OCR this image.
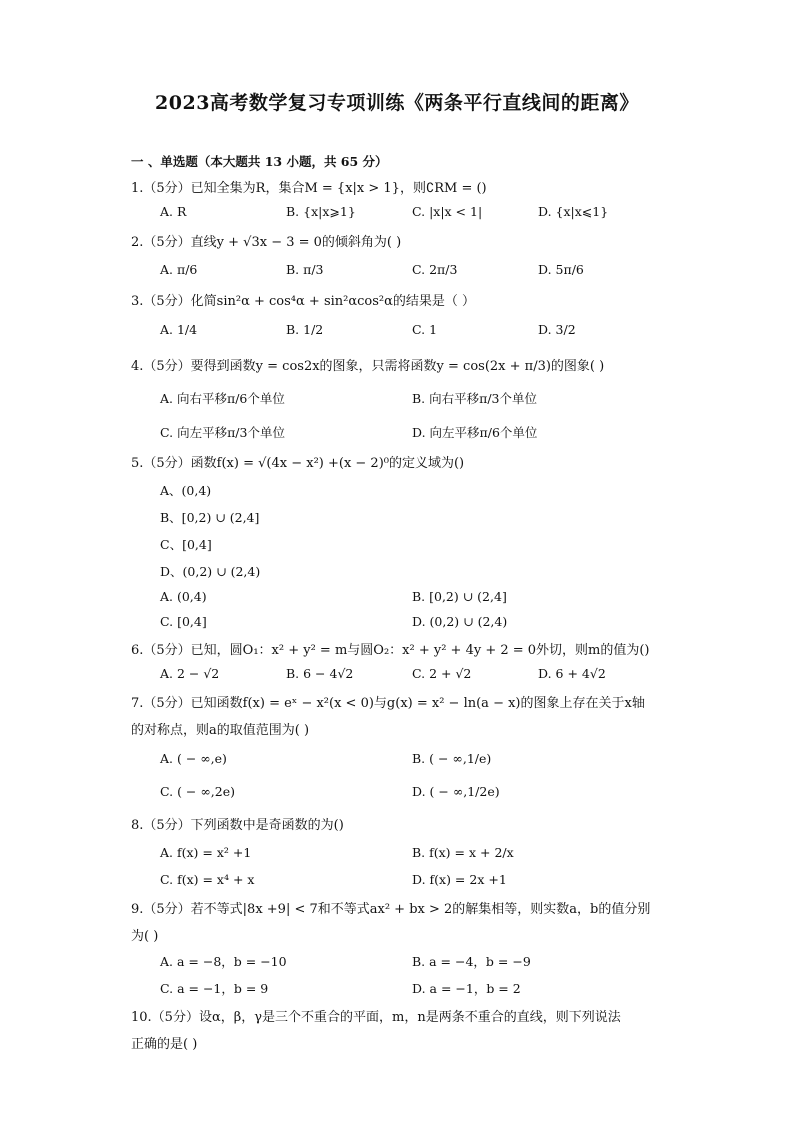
2023高考数学复习专项训练《两条平行直线间的距离》
一 、单选题（本大题共 13 小题，共 65 分）
1.（5分）已知全集为R，集合M = {x|x > 1}，则∁RM = ()
A. R	B. {x|x⩾1}	C. |x|x < 1|	D. {x|x⩽1}
2.（5分）直线y + √3x − 3 = 0的倾斜角为( )
A. π/6	B. π/3	C. 2π/3	D. 5π/6
3.（5分）化简sin²α + cos⁴α + sin²αcos²α的结果是（ ）
A. 1/4	B. 1/2	C. 1	D. 3/2
4.（5分）要得到函数y = cos2x的图象，只需将函数y = cos(2x + π/3)的图象( )
A. 向右平移π/6个单位	B. 向右平移π/3个单位
C. 向左平移π/3个单位	D. 向左平移π/6个单位
5.（5分）函数f(x) = √(4x − x²) +(x − 2)⁰的定义域为()
A、(0,4)
B、[0,2) ∪ (2,4]
C、[0,4]
D、(0,2) ∪ (2,4)
A. (0,4)	B. [0,2) ∪ (2,4]
C. [0,4]	D. (0,2) ∪ (2,4)
6.（5分）已知，圆O₁：x² + y² = m与圆O₂：x² + y² + 4y + 2 = 0外切，则m的值为()
A. 2 − √2	B. 6 − 4√2	C. 2 + √2	D. 6 + 4√2
7.（5分）已知函数f(x) = eˣ − x²(x < 0)与g(x) = x² − ln(a − x)的图象上存在关于x轴
的对称点，则a的取值范围为( )
A. ( − ∞,e)	B. ( − ∞,1/e)
C. ( − ∞,2e)	D. ( − ∞,1/2e)
8.（5分）下列函数中是奇函数的为()
A. f(x) = x² +1	B. f(x) = x + 2/x
C. f(x) = x⁴ + x	D. f(x) = 2x +1
9.（5分）若不等式|8x +9| < 7和不等式ax² + bx > 2的解集相等，则实数a，b的值分别
为( )
A. a = −8，b = −10	B. a = −4，b = −9
C. a = −1，b = 9	D. a = −1，b = 2
10.（5分）设α，β，γ是三个不重合的平面，m，n是两条不重合的直线，则下列说法
正确的是( )
